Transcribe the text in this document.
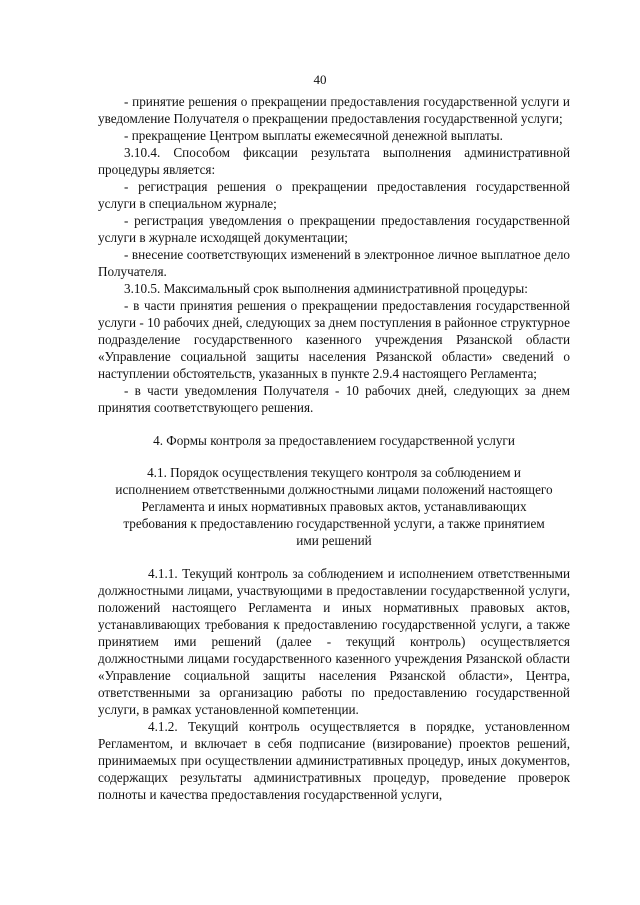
40

- принятие решения о прекращении предоставления государственной услуги и уведомление Получателя о прекращении предоставления государственной услуги;

- прекращение Центром выплаты ежемесячной денежной выплаты.

3.10.4. Способом фиксации результата выполнения административной процедуры является:

- регистрация решения о прекращении предоставления государственной услуги в специальном журнале;

- регистрация уведомления о прекращении предоставления государственной услуги в журнале исходящей документации;

- внесение соответствующих изменений в электронное личное выплатное дело Получателя.

3.10.5. Максимальный срок выполнения административной процедуры:

- в части принятия решения о прекращении предоставления государственной услуги - 10 рабочих дней, следующих за днем поступления в районное структурное подразделение государственного казенного учреждения Рязанской области «Управление социальной защиты населения Рязанской области» сведений о наступлении обстоятельств, указанных в пункте 2.9.4 настоящего Регламента;

- в части уведомления Получателя - 10 рабочих дней, следующих за днем принятия соответствующего решения.

4. Формы контроля за предоставлением государственной услуги

4.1. Порядок осуществления текущего контроля за соблюдением и исполнением ответственными должностными лицами положений настоящего Регламента и иных нормативных правовых актов, устанавливающих требования к предоставлению государственной услуги, а также принятием ими решений

4.1.1. Текущий контроль за соблюдением и исполнением ответственными должностными лицами, участвующими в предоставлении государственной услуги, положений настоящего Регламента и иных нормативных правовых актов, устанавливающих требования к предоставлению государственной услуги, а также принятием ими решений (далее - текущий контроль) осуществляется должностными лицами государственного казенного учреждения Рязанской области «Управление социальной защиты населения Рязанской области», Центра, ответственными за организацию работы по предоставлению государственной услуги, в рамках установленной компетенции.

4.1.2. Текущий контроль осуществляется в порядке, установленном Регламентом, и включает в себя подписание (визирование) проектов решений, принимаемых при осуществлении административных процедур, иных документов, содержащих результаты административных процедур, проведение проверок полноты и качества предоставления государственной услуги,
